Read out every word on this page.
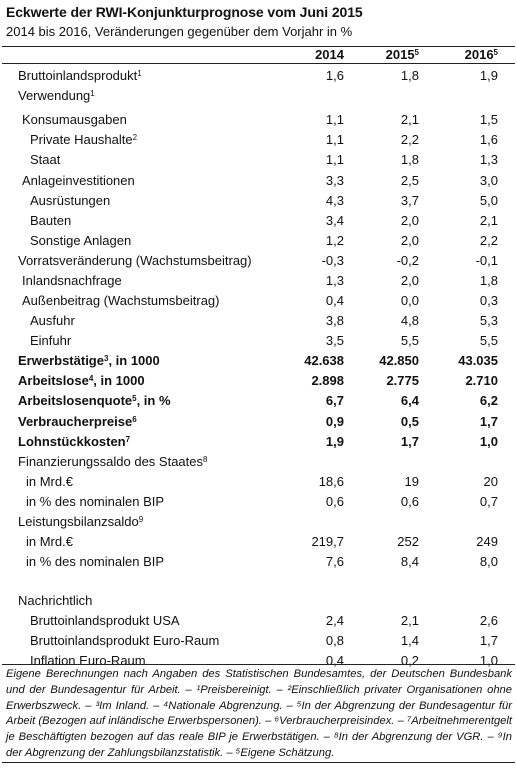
Eckwerte der RWI-Konjunkturprognose vom Juni 2015
2014 bis 2016, Veränderungen gegenüber dem Vorjahr in %
2014	2015$^5$	2016$^5$
Bruttoinlandsprodukt$^1$	1,6	1,8	1,9
Verwendung$^1$
Konsumausgaben	1,1	2,1	1,5
Private Haushalte$^2$	1,1	2,2	1,6
Staat	1,1	1,8	1,3
Anlageinvestitionen	3,3	2,5	3,0
Ausrüstungen	4,3	3,7	5,0
Bauten	3,4	2,0	2,1
Sonstige Anlagen	1,2	2,0	2,2
Vorratsveränderung (Wachstumsbeitrag)	-0,3	-0,2	-0,1
Inlandsnachfrage	1,3	2,0	1,8
Außenbeitrag (Wachstumsbeitrag)	0,4	0,0	0,3
Ausfuhr	3,8	4,8	5,3
Einfuhr	3,5	5,5	5,5
Erwerbstätige$^3$, in 1000	42.638	42.850	43.035
Arbeitslose$^4$, in 1000	2.898	2.775	2.710
Arbeitslosenquote$^5$, in %	6,7	6,4	6,2
Verbraucherpreise$^6$	0,9	0,5	1,7
Lohnstückkosten$^7$	1,9	1,7	1,0
Finanzierungssaldo des Staates$^8$
in Mrd.€	18,6	19	20
in % des nominalen BIP	0,6	0,6	0,7
Leistungsbilanzsaldo$^9$
in Mrd.€	219,7	252	249
in % des nominalen BIP	7,6	8,4	8,0
Nachrichtlich
Bruttoinlandsprodukt USA	2,4	2,1	2,6
Bruttoinlandsprodukt Euro-Raum	0,8	1,4	1,7
Inflation Euro-Raum	0,4	0,2	1,0
Eigene Berechnungen nach Angaben des Statistischen Bundesamtes, der Deutschen Bundesbank und der Bundesagentur für Arbeit. – ¹Preisbereinigt. – ²Einschließlich privater Organisationen ohne Erwerbszweck. – ³Im Inland. – ⁴Nationale Abgrenzung. – ⁵In der Abgrenzung der Bundesagentur für Arbeit (Bezogen auf inländische Erwerbspersonen). – ⁶Verbraucherpreisindex. – ⁷Arbeitnehmerentgelt je Beschäftigten bezogen auf das reale BIP je Erwerbstätigen. – ⁸In der Abgrenzung der VGR. – ⁹In der Abgrenzung der Zahlungsbilanzstatistik. – ⁵Eigene Schätzung.
